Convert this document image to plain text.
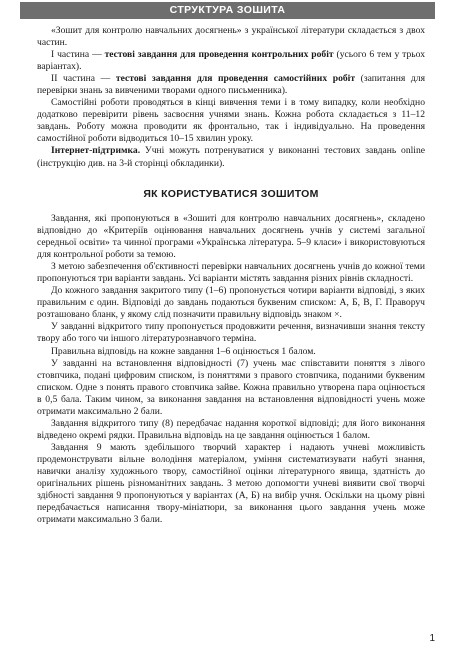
СТРУКТУРА ЗОШИТА

«Зошит для контролю навчальних досягнень» з української літератури складається з двох частин.

І частина — тестові завдання для проведення контрольних робіт (усього 6 тем у трьох варіантах).

ІІ частина — тестові завдання для проведення самостійних робіт (запитання для перевірки знань за вивченими творами одного письменника).

Самостійні роботи проводяться в кінці вивчення теми і в тому випадку, коли необхідно додатково перевірити рівень засвоєння учнями знань. Кожна робота складається з 11–12 завдань. Роботу можна проводити як фронтально, так і індивідуально. На проведення самостійної роботи відводиться 10–15 хвилин уроку.

Інтернет-підтримка. Учні можуть потренуватися у виконанні тестових завдань online (інструкцію див. на 3-й сторінці обкладинки).

ЯК КОРИСТУВАТИСЯ ЗОШИТОМ

Завдання, які пропонуються в «Зошиті для контролю навчальних досягнень», складено відповідно до «Критеріїв оцінювання навчальних досягнень учнів у системі загальної середньої освіти» та чинної програми «Українська література. 5–9 класи» і використовуються для контрольної роботи за темою.

З метою забезпечення об'єктивності перевірки навчальних досягнень учнів до кожної теми пропонуються три варіанти завдань. Усі варіанти містять завдання різних рівнів складності.

До кожного завдання закритого типу (1–6) пропонується чотири варіанти відповіді, з яких правильним є один. Відповіді до завдань подаються буквеним списком: А, Б, В, Г. Праворуч розташовано бланк, у якому слід позначити правильну відповідь знаком ×.

У завданні відкритого типу пропонується продовжити речення, визначивши знання тексту твору або того чи іншого літературознавчого терміна.

Правильна відповідь на кожне завдання 1–6 оцінюється 1 балом.

У завданні на встановлення відповідності (7) учень має співставити поняття з лівого стовпчика, подані цифровим списком, із поняттями з правого стовпчика, поданими буквеним списком. Одне з понять правого стовпчика зайве. Кожна правильно утворена пара оцінюється в 0,5 бала. Таким чином, за виконання завдання на встановлення відповідності учень може отримати максимально 2 бали.

Завдання відкритого типу (8) передбачає надання короткої відповіді; для його виконання відведено окремі рядки. Правильна відповідь на це завдання оцінюється 1 балом.

Завдання 9 мають здебільшого творчий характер і надають учневі можливість продемонструвати вільне володіння матеріалом, уміння систематизувати набуті знання, навички аналізу художнього твору, самостійної оцінки літературного явища, здатність до оригінальних рішень різноманітних завдань. З метою допомогти учневі виявити свої творчі здібності завдання 9 пропонуються у варіантах (А, Б) на вибір учня. Оскільки на цьому рівні передбачається написання твору-мініатюри, за виконання цього завдання учень може отримати максимально 3 бали.

1
